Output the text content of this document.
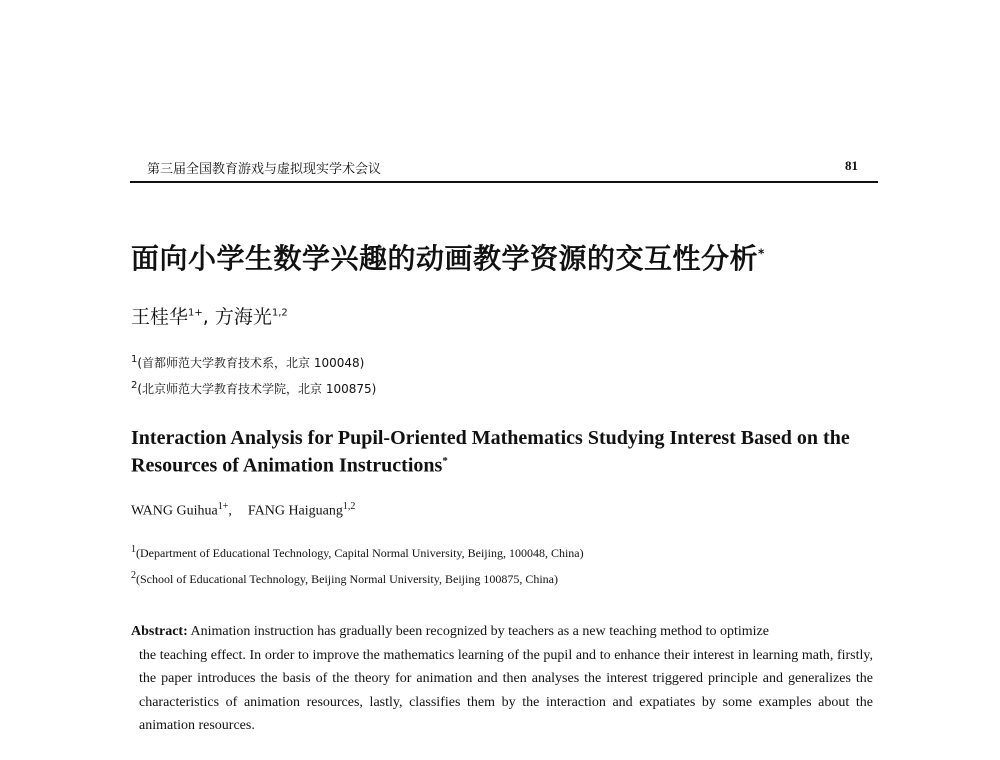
第三届全国教育游戏与虚拟现实学术会议	81
面向小学生数学兴趣的动画教学资源的交互性分析*
王桂华$^{1+}$, 方海光$^{1,2}$
$^1$(首都师范大学教育技术系，北京 100048)
$^2$(北京师范大学教育技术学院，北京 100875)
Interaction Analysis for Pupil-Oriented Mathematics Studying Interest Based on the Resources of Animation Instructions*
WANG Guihua$^{1+}$, FANG Haiguang$^{1,2}$
$^1$(Department of Educational Technology, Capital Normal University, Beijing, 100048, China)
$^2$(School of Educational Technology, Beijing Normal University, Beijing 100875, China)
Abstract: Animation instruction has gradually been recognized by teachers as a new teaching method to optimize
the teaching effect. In order to improve the mathematics learning of the pupil and to enhance their interest in learning math, firstly, the paper introduces the basis of the theory for animation and then analyses the interest triggered principle and generalizes the characteristics of animation resources, lastly, classifies them by the interaction and expatiates by some examples about the animation resources.
